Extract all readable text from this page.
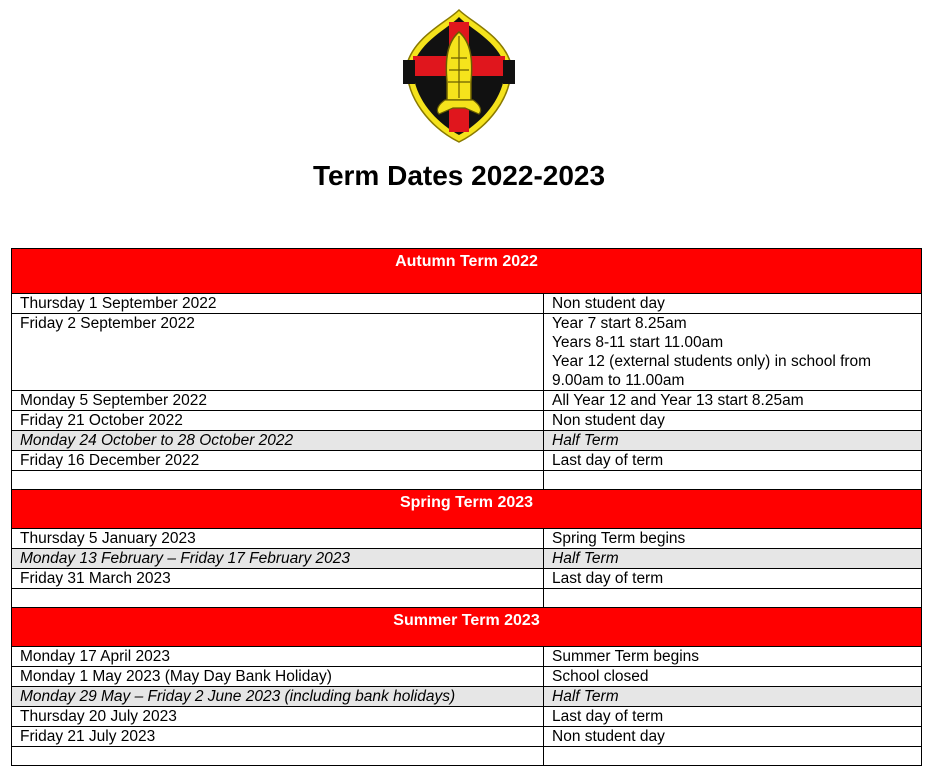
Term Dates 2022-2023
Autumn Term 2022	
Thursday 1 September 2022	Non student day
Friday 2 September 2022	Year 7 start 8.25am
Years 8-11 start 11.00am
Year 12 (external students only) in school from
9.00am to 11.00am

Monday 5 September 2022	All Year 12 and Year 13 start 8.25am
Friday 21 October 2022	Non student day
Monday 24 October to 28 October 2022	Half Term
Friday 16 December 2022	Last day of term

Spring Term 2023	
Thursday 5 January 2023	Spring Term begins
Monday 13 February – Friday 17 February 2023	Half Term
Friday 31 March 2023	Last day of term

Summer Term 2023	
Monday 17 April 2023	Summer Term begins
Monday 1 May 2023 (May Day Bank Holiday)	School closed
Monday 29 May – Friday 2 June 2023 (including bank holidays)	Half Term
Thursday 20 July 2023	Last day of term
Friday 21 July 2023	Non student day
